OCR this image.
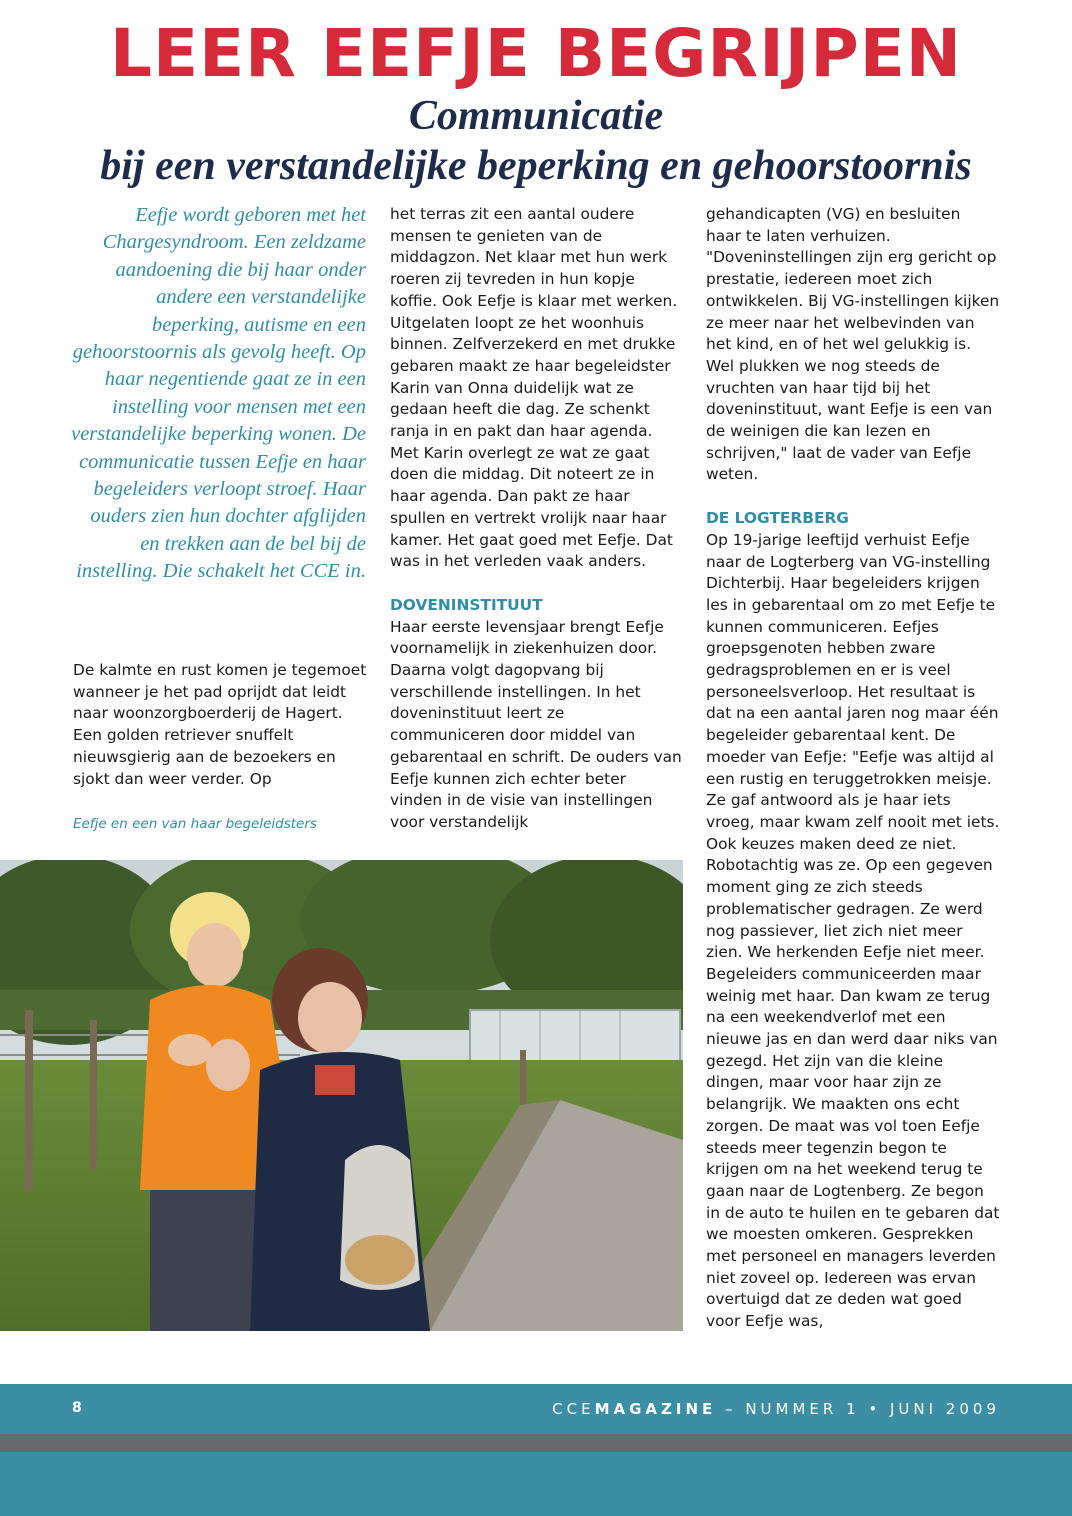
LEER EEFJE BEGRIJPEN
Communicatie
bij een verstandelijke beperking en gehoorstoornis

Eefje wordt geboren met het Chargesyndroom. Een zeldzame aandoening die bij haar onder andere een verstandelijke beperking, autisme en een gehoorstoornis als gevolg heeft. Op haar negentiende gaat ze in een instelling voor mensen met een verstandelijke beperking wonen. De communicatie tussen Eefje en haar begeleiders verloopt stroef. Haar ouders zien hun dochter afglijden en trekken aan de bel bij de instelling. Die schakelt het CCE in.

De kalmte en rust komen je tegemoet wanneer je het pad oprijdt dat leidt naar woonzorgboerderij de Hagert. Een golden retriever snuffelt nieuwsgierig aan de bezoekers en sjokt dan weer verder. Op

Eefje en een van haar begeleidsters

het terras zit een aantal oudere mensen te genieten van de middagzon. Net klaar met hun werk roeren zij tevreden in hun kopje koffie. Ook Eefje is klaar met werken. Uitgelaten loopt ze het woonhuis binnen. Zelfverzekerd en met drukke gebaren maakt ze haar begeleidster Karin van Onna duidelijk wat ze gedaan heeft die dag. Ze schenkt ranja in en pakt dan haar agenda. Met Karin overlegt ze wat ze gaat doen die middag. Dit noteert ze in haar agenda. Dan pakt ze haar spullen en vertrekt vrolijk naar haar kamer. Het gaat goed met Eefje. Dat was in het verleden vaak anders.

DOVENINSTITUUT

Haar eerste levensjaar brengt Eefje voornamelijk in ziekenhuizen door. Daarna volgt dagopvang bij verschillende instellingen. In het doveninstituut leert ze communiceren door middel van gebarentaal en schrift. De ouders van Eefje kunnen zich echter beter vinden in de visie van instellingen voor verstandelijk

gehandicapten (VG) en besluiten haar te laten verhuizen. "Doveninstellingen zijn erg gericht op prestatie, iedereen moet zich ontwikkelen. Bij VG-instellingen kijken ze meer naar het welbevinden van het kind, en of het wel gelukkig is. Wel plukken we nog steeds de vruchten van haar tijd bij het doveninstituut, want Eefje is een van de weinigen die kan lezen en schrijven," laat de vader van Eefje weten.

DE LOGTERBERG

Op 19-jarige leeftijd verhuist Eefje naar de Logterberg van VG-instelling Dichterbij. Haar begeleiders krijgen les in gebarentaal om zo met Eefje te kunnen communiceren. Eefjes groepsgenoten hebben zware gedragsproblemen en er is veel personeelsverloop. Het resultaat is dat na een aantal jaren nog maar één begeleider gebarentaal kent. De moeder van Eefje: "Eefje was altijd al een rustig en teruggetrokken meisje. Ze gaf antwoord als je haar iets vroeg, maar kwam zelf nooit met iets. Ook keuzes maken deed ze niet. Robotachtig was ze. Op een gegeven moment ging ze zich steeds problematischer gedragen. Ze werd nog passiever, liet zich niet meer zien. We herkenden Eefje niet meer. Begeleiders communiceerden maar weinig met haar. Dan kwam ze terug na een weekendverlof met een nieuwe jas en dan werd daar niks van gezegd. Het zijn van die kleine dingen, maar voor haar zijn ze belangrijk. We maakten ons echt zorgen. De maat was vol toen Eefje steeds meer tegenzin begon te krijgen om na het weekend terug te gaan naar de Logtenberg. Ze begon in de auto te huilen en te gebaren dat we moesten omkeren. Gesprekken met personeel en managers leverden niet zoveel op. Iedereen was ervan overtuigd dat ze deden wat goed voor Eefje was,

8	CCEMAGAZINE – NUMMER 1 • JUNI 2009
